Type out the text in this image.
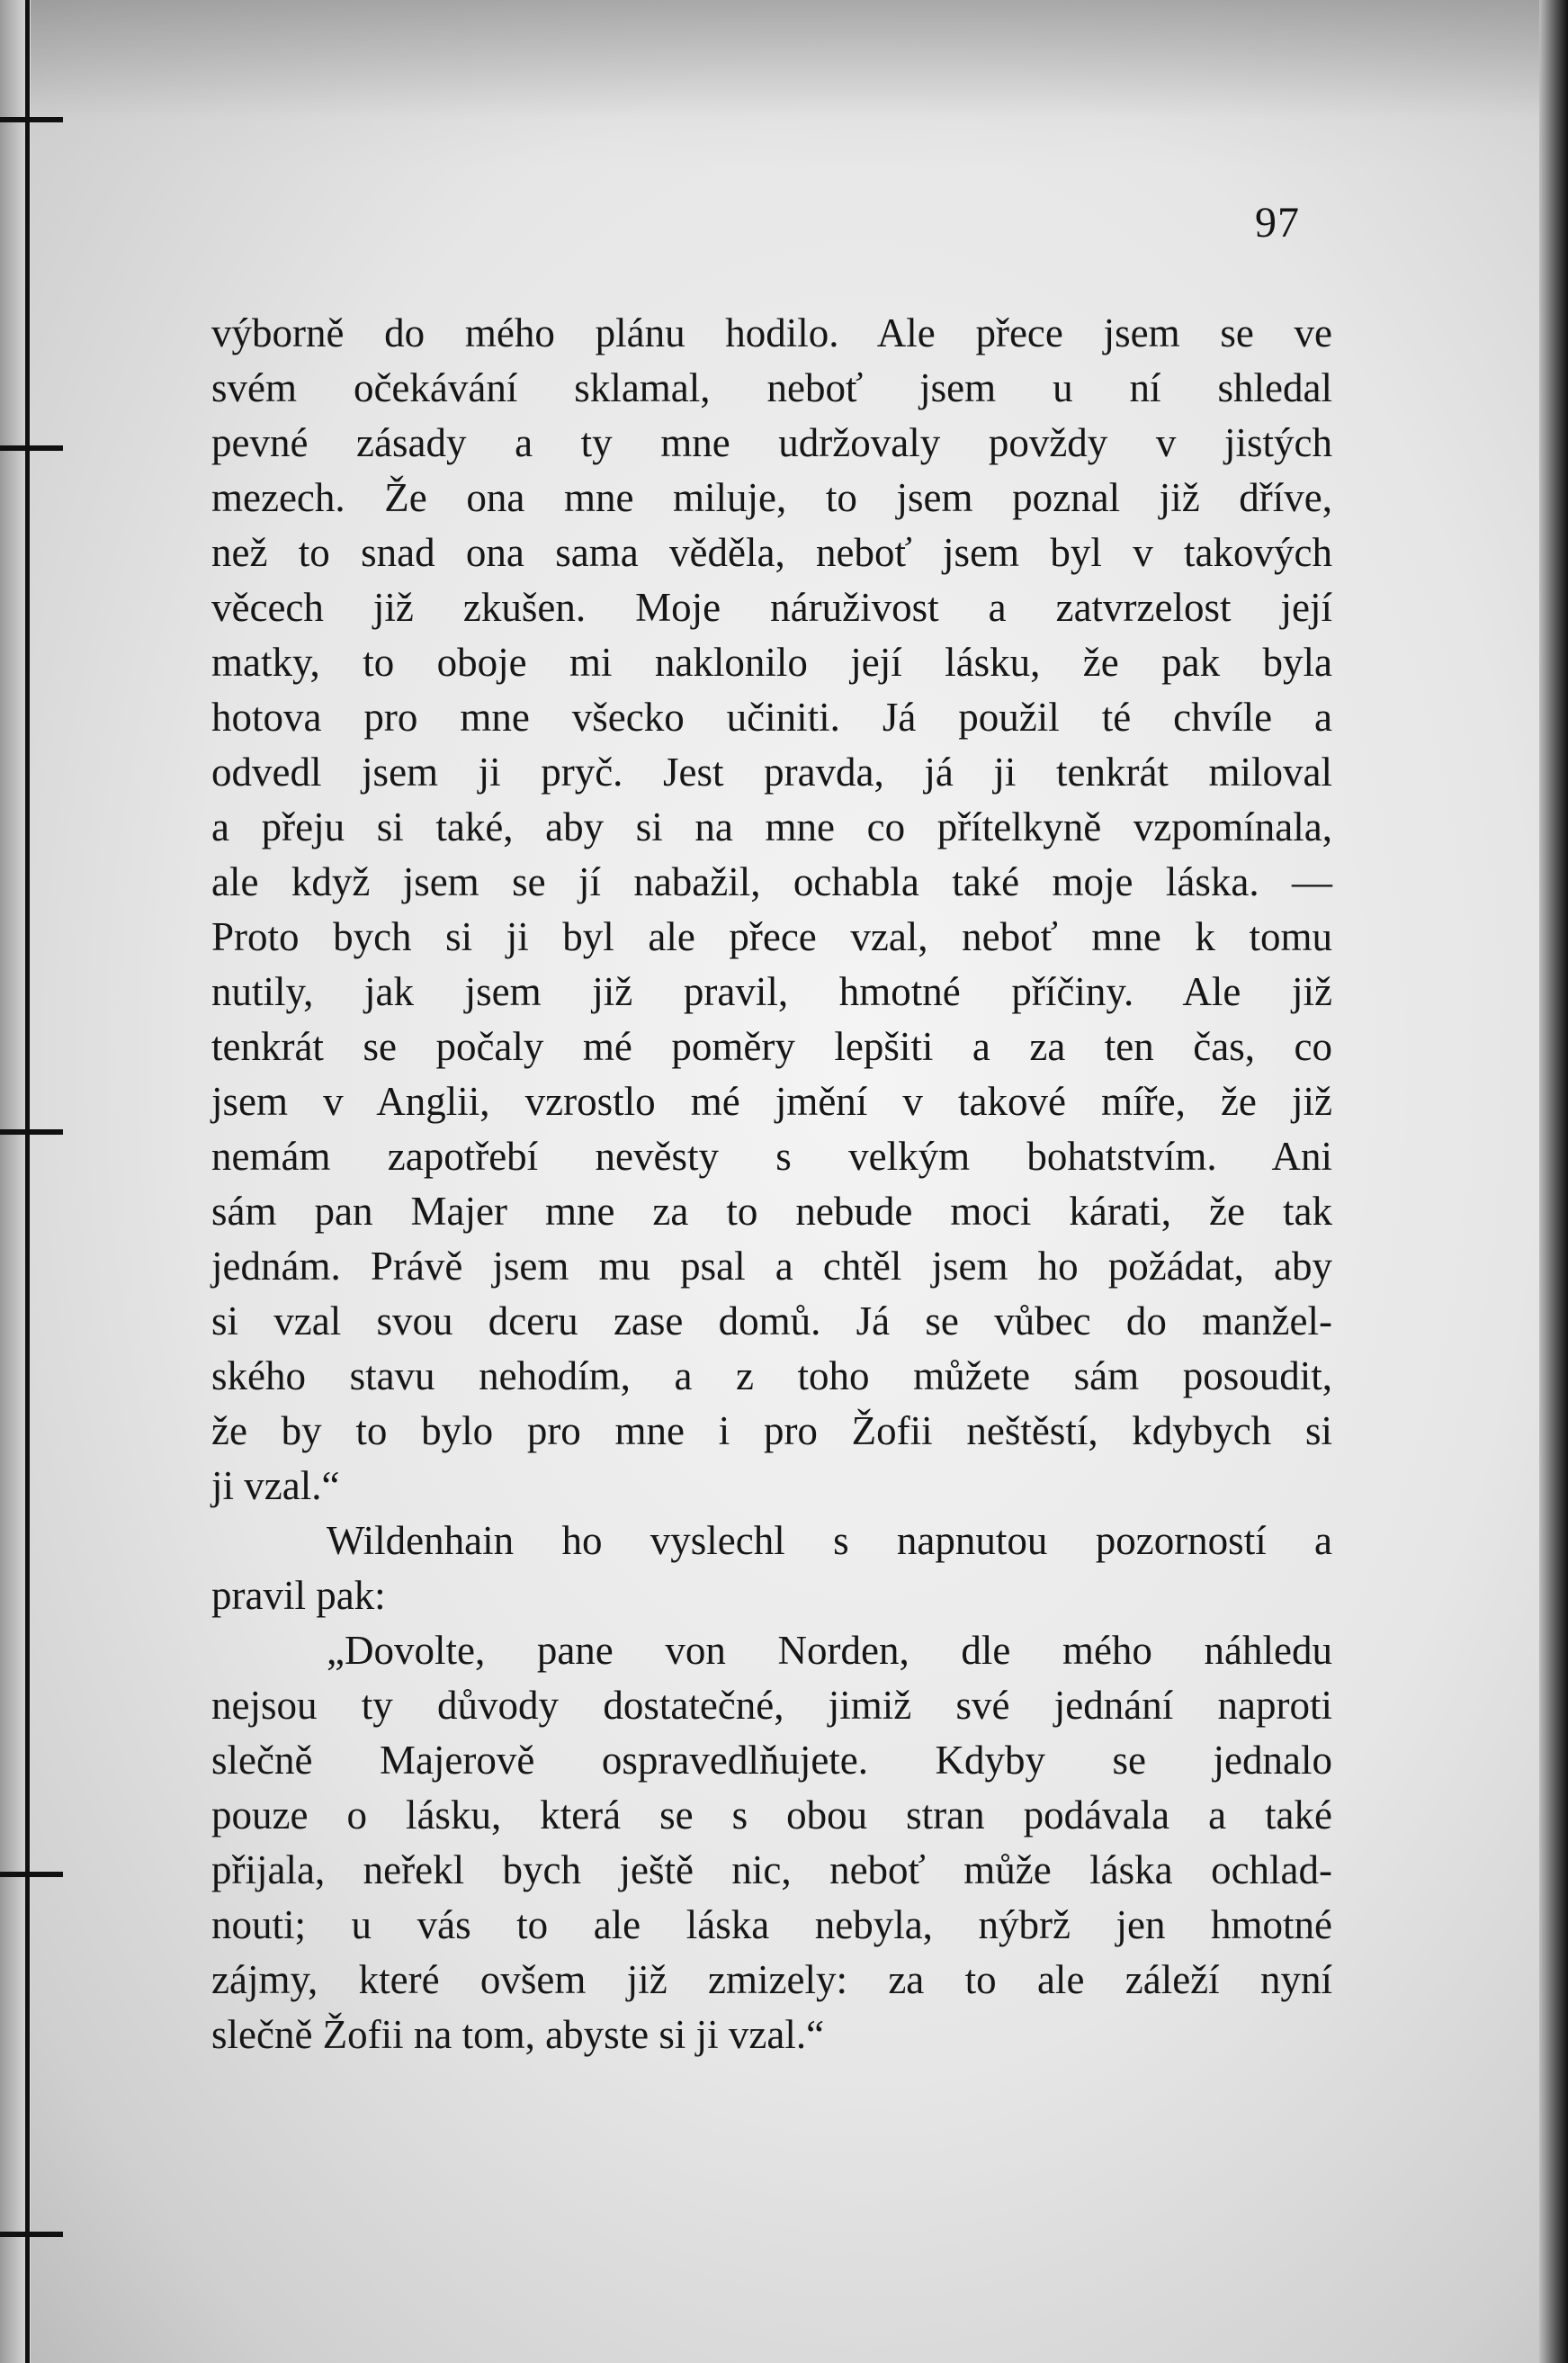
97
výborně do mého plánu hodilo. Ale přece jsem se ve
svém očekávání sklamal, neboť jsem u ní shledal
pevné zásady a ty mne udržovaly povždy v jistých
mezech. Že ona mne miluje, to jsem poznal již dříve,
než to snad ona sama věděla, neboť jsem byl v takových
věcech již zkušen. Moje náruživost a zatvrzelost její
matky, to oboje mi naklonilo její lásku, že pak byla
hotova pro mne všecko učiniti. Já použil té chvíle a
odvedl jsem ji pryč. Jest pravda, já ji tenkrát miloval
a přeju si také, aby si na mne co přítelkyně vzpomínala,
ale když jsem se jí nabažil, ochabla také moje láska. —
Proto bych si ji byl ale přece vzal, neboť mne k tomu
nutily, jak jsem již pravil, hmotné příčiny. Ale již
tenkrát se počaly mé poměry lepšiti a za ten čas, co
jsem v Anglii, vzrostlo mé jmění v takové míře, že již
nemám zapotřebí nevěsty s velkým bohatstvím. Ani
sám pan Majer mne za to nebude moci kárati, že tak
jednám. Právě jsem mu psal a chtěl jsem ho požádat, aby
si vzal svou dceru zase domů. Já se vůbec do manžel-
ského stavu nehodím, a z toho můžete sám posoudit,
že by to bylo pro mne i pro Žofii neštěstí, kdybych si
ji vzal.“
Wildenhain ho vyslechl s napnutou pozorností a
pravil pak:
„Dovolte, pane von Norden, dle mého náhledu
nejsou ty důvody dostatečné, jimiž své jednání naproti
slečně Majerově ospravedlňujete. Kdyby se jednalo
pouze o lásku, která se s obou stran podávala a také
přijala, neřekl bych ještě nic, neboť může láska ochlad-
nouti; u vás to ale láska nebyla, nýbrž jen hmotné
zájmy, které ovšem již zmizely: za to ale záleží nyní
slečně Žofii na tom, abyste si ji vzal.“
